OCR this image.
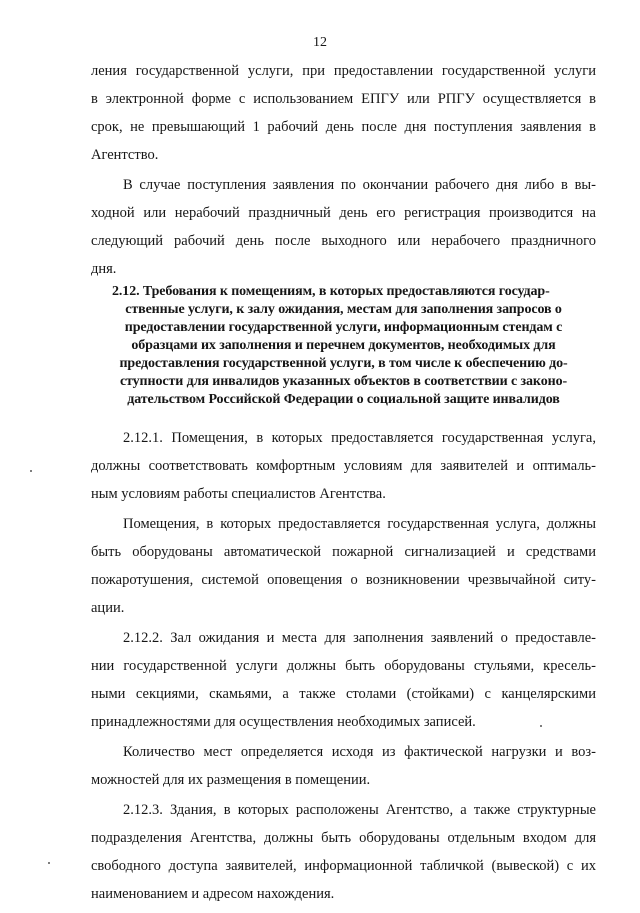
12
ления государственной услуги, при предоставлении государственной услуги
в электронной форме с использованием ЕПГУ или РПГУ осуществляется в
срок, не превышающий 1 рабочий день после дня поступления заявления в
Агентство.
В случае поступления заявления по окончании рабочего дня либо в вы-
ходной или нерабочий праздничный день его регистрация производится на
следующий рабочий день после выходного или нерабочего праздничного
дня.
2.12. Требования к помещениям, в которых предоставляются государ-
ственные услуги, к залу ожидания, местам для заполнения запросов о
предоставлении государственной услуги, информационным стендам с
образцами их заполнения и перечнем документов, необходимых для
предоставления государственной услуги, в том числе к обеспечению до-
ступности для инвалидов указанных объектов в соответствии с законо-
дательством Российской Федерации о социальной защите инвалидов
2.12.1. Помещения, в которых предоставляется государственная услуга,
должны соответствовать комфортным условиям для заявителей и оптималь-
ным условиям работы специалистов Агентства.
Помещения, в которых предоставляется государственная услуга, должны
быть оборудованы автоматической пожарной сигнализацией и средствами
пожаротушения, системой оповещения о возникновении чрезвычайной ситу-
ации.
2.12.2. Зал ожидания и места для заполнения заявлений о предоставле-
нии государственной услуги должны быть оборудованы стульями, кресель-
ными секциями, скамьями, а также столами (стойками) с канцелярскими
принадлежностями для осуществления необходимых записей.
Количество мест определяется исходя из фактической нагрузки и воз-
можностей для их размещения в помещении.
2.12.3. Здания, в которых расположены Агентство, а также структурные
подразделения Агентства, должны быть оборудованы отдельным входом для
свободного доступа заявителей, информационной табличкой (вывеской) с их
наименованием и адресом нахождения.
